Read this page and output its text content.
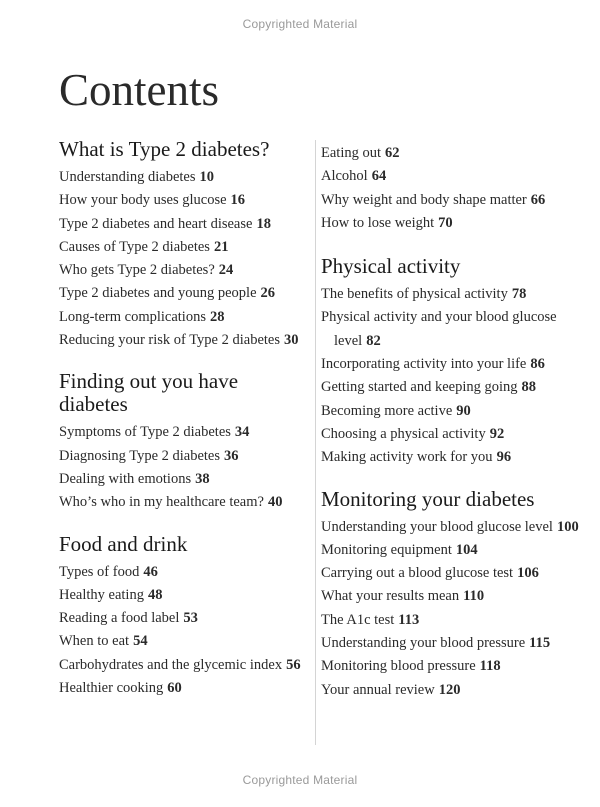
Copyrighted Material
Contents
What is Type 2 diabetes?
Understanding diabetes 10
How your body uses glucose 16
Type 2 diabetes and heart disease 18
Causes of Type 2 diabetes 21
Who gets Type 2 diabetes? 24
Type 2 diabetes and young people 26
Long-term complications 28
Reducing your risk of Type 2 diabetes 30
Finding out you have diabetes
Symptoms of Type 2 diabetes 34
Diagnosing Type 2 diabetes 36
Dealing with emotions 38
Who’s who in my healthcare team? 40
Food and drink
Types of food 46
Healthy eating 48
Reading a food label 53
When to eat 54
Carbohydrates and the glycemic index 56
Healthier cooking 60
Eating out 62
Alcohol 64
Why weight and body shape matter 66
How to lose weight 70
Physical activity
The benefits of physical activity 78
Physical activity and your blood glucose level 82
Incorporating activity into your life 86
Getting started and keeping going 88
Becoming more active 90
Choosing a physical activity 92
Making activity work for you 96
Monitoring your diabetes
Understanding your blood glucose level 100
Monitoring equipment 104
Carrying out a blood glucose test 106
What your results mean 110
The A1c test 113
Understanding your blood pressure 115
Monitoring blood pressure 118
Your annual review 120
Copyrighted Material
